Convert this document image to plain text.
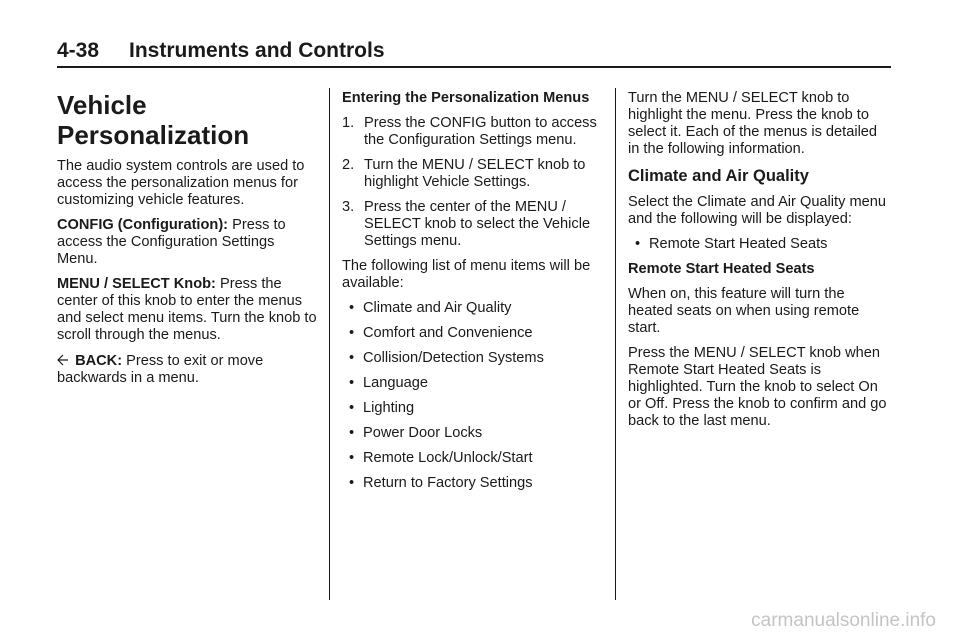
4-38 Instruments and Controls
Vehicle
Personalization

The audio system controls are used to access the personalization menus for customizing vehicle features.

CONFIG (Configuration): Press to access the Configuration Settings Menu.

MENU / SELECT Knob: Press the center of this knob to enter the menus and select menu items. Turn the knob to scroll through the menus.

BACK: Press to exit or move backwards in a menu.

Entering the Personalization Menus

1. Press the CONFIG button to access the Configuration Settings menu.
2. Turn the MENU / SELECT knob to highlight Vehicle Settings.
3. Press the center of the MENU / SELECT knob to select the Vehicle Settings menu.

The following list of menu items will be available:

• Climate and Air Quality
• Comfort and Convenience
• Collision/Detection Systems
• Language
• Lighting
• Power Door Locks
• Remote Lock/Unlock/Start
• Return to Factory Settings

Turn the MENU / SELECT knob to highlight the menu. Press the knob to select it. Each of the menus is detailed in the following information.

Climate and Air Quality

Select the Climate and Air Quality menu and the following will be displayed:

• Remote Start Heated Seats

Remote Start Heated Seats

When on, this feature will turn the heated seats on when using remote start.

Press the MENU / SELECT knob when Remote Start Heated Seats is highlighted. Turn the knob to select On or Off. Press the knob to confirm and go back to the last menu.

carmanualsonline.info
